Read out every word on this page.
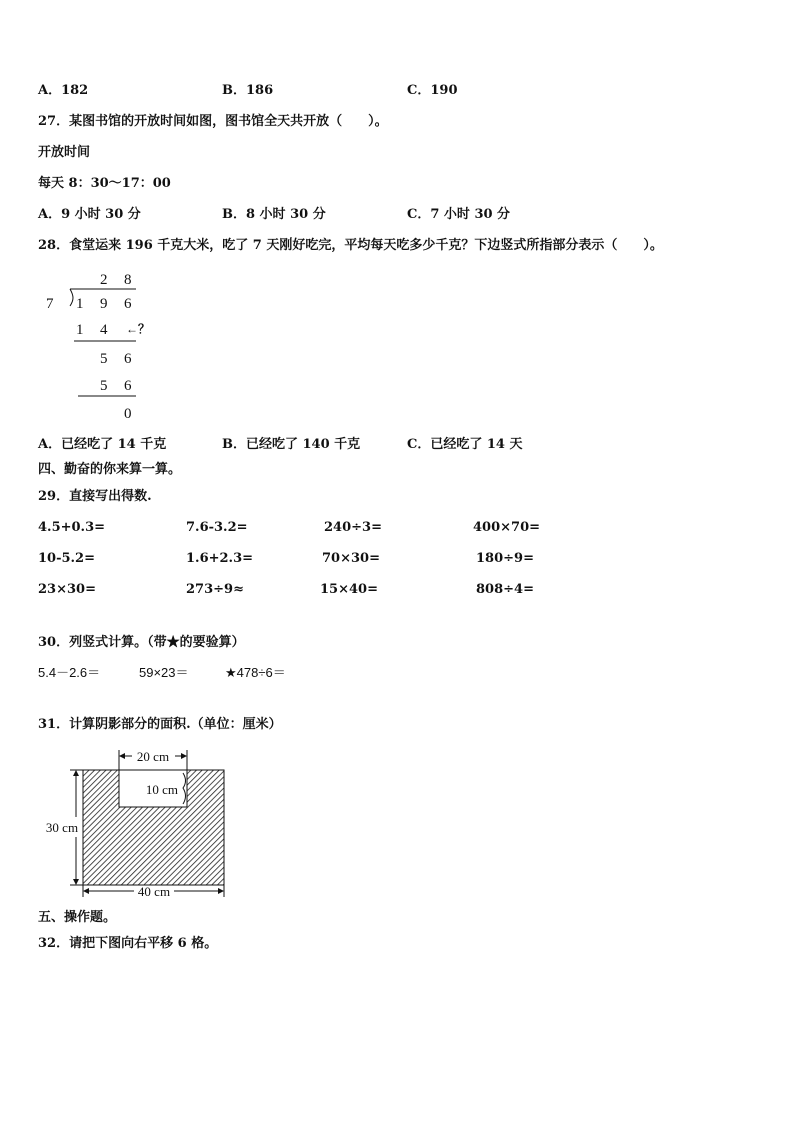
A．182	B．186	C．190
27．某图书馆的开放时间如图，图书馆全天共开放（　　）。
开放时间
每天 8：30～17：00
A．9 小时 30 分	B．8 小时 30 分	C．7 小时 30 分
28．食堂运来 196 千克大米，吃了 7 天刚好吃完，平均每天吃多少千克？下边竖式所指部分表示（　　）。
2 8
7 1 9 6
1 4 ←？
5 6
5 6
0
A．已经吃了 14 千克	B．已经吃了 140 千克	C．已经吃了 14 天
四、勤奋的你来算一算。
29．直接写出得数.
4.5+0.3=	7.6-3.2=	240÷3=	400×70=
10-5.2=	1.6+2.3=	70×30=	180÷9=
23×30=	273÷9≈	15×40=	808÷4=
30．列竖式计算。（带★的要验算）
5.4－2.6＝	59×23＝	★478÷6＝
31．计算阴影部分的面积.（单位：厘米）
20 cm
10 cm
30 cm
40 cm
五、操作题。
32．请把下图向右平移 6 格。
